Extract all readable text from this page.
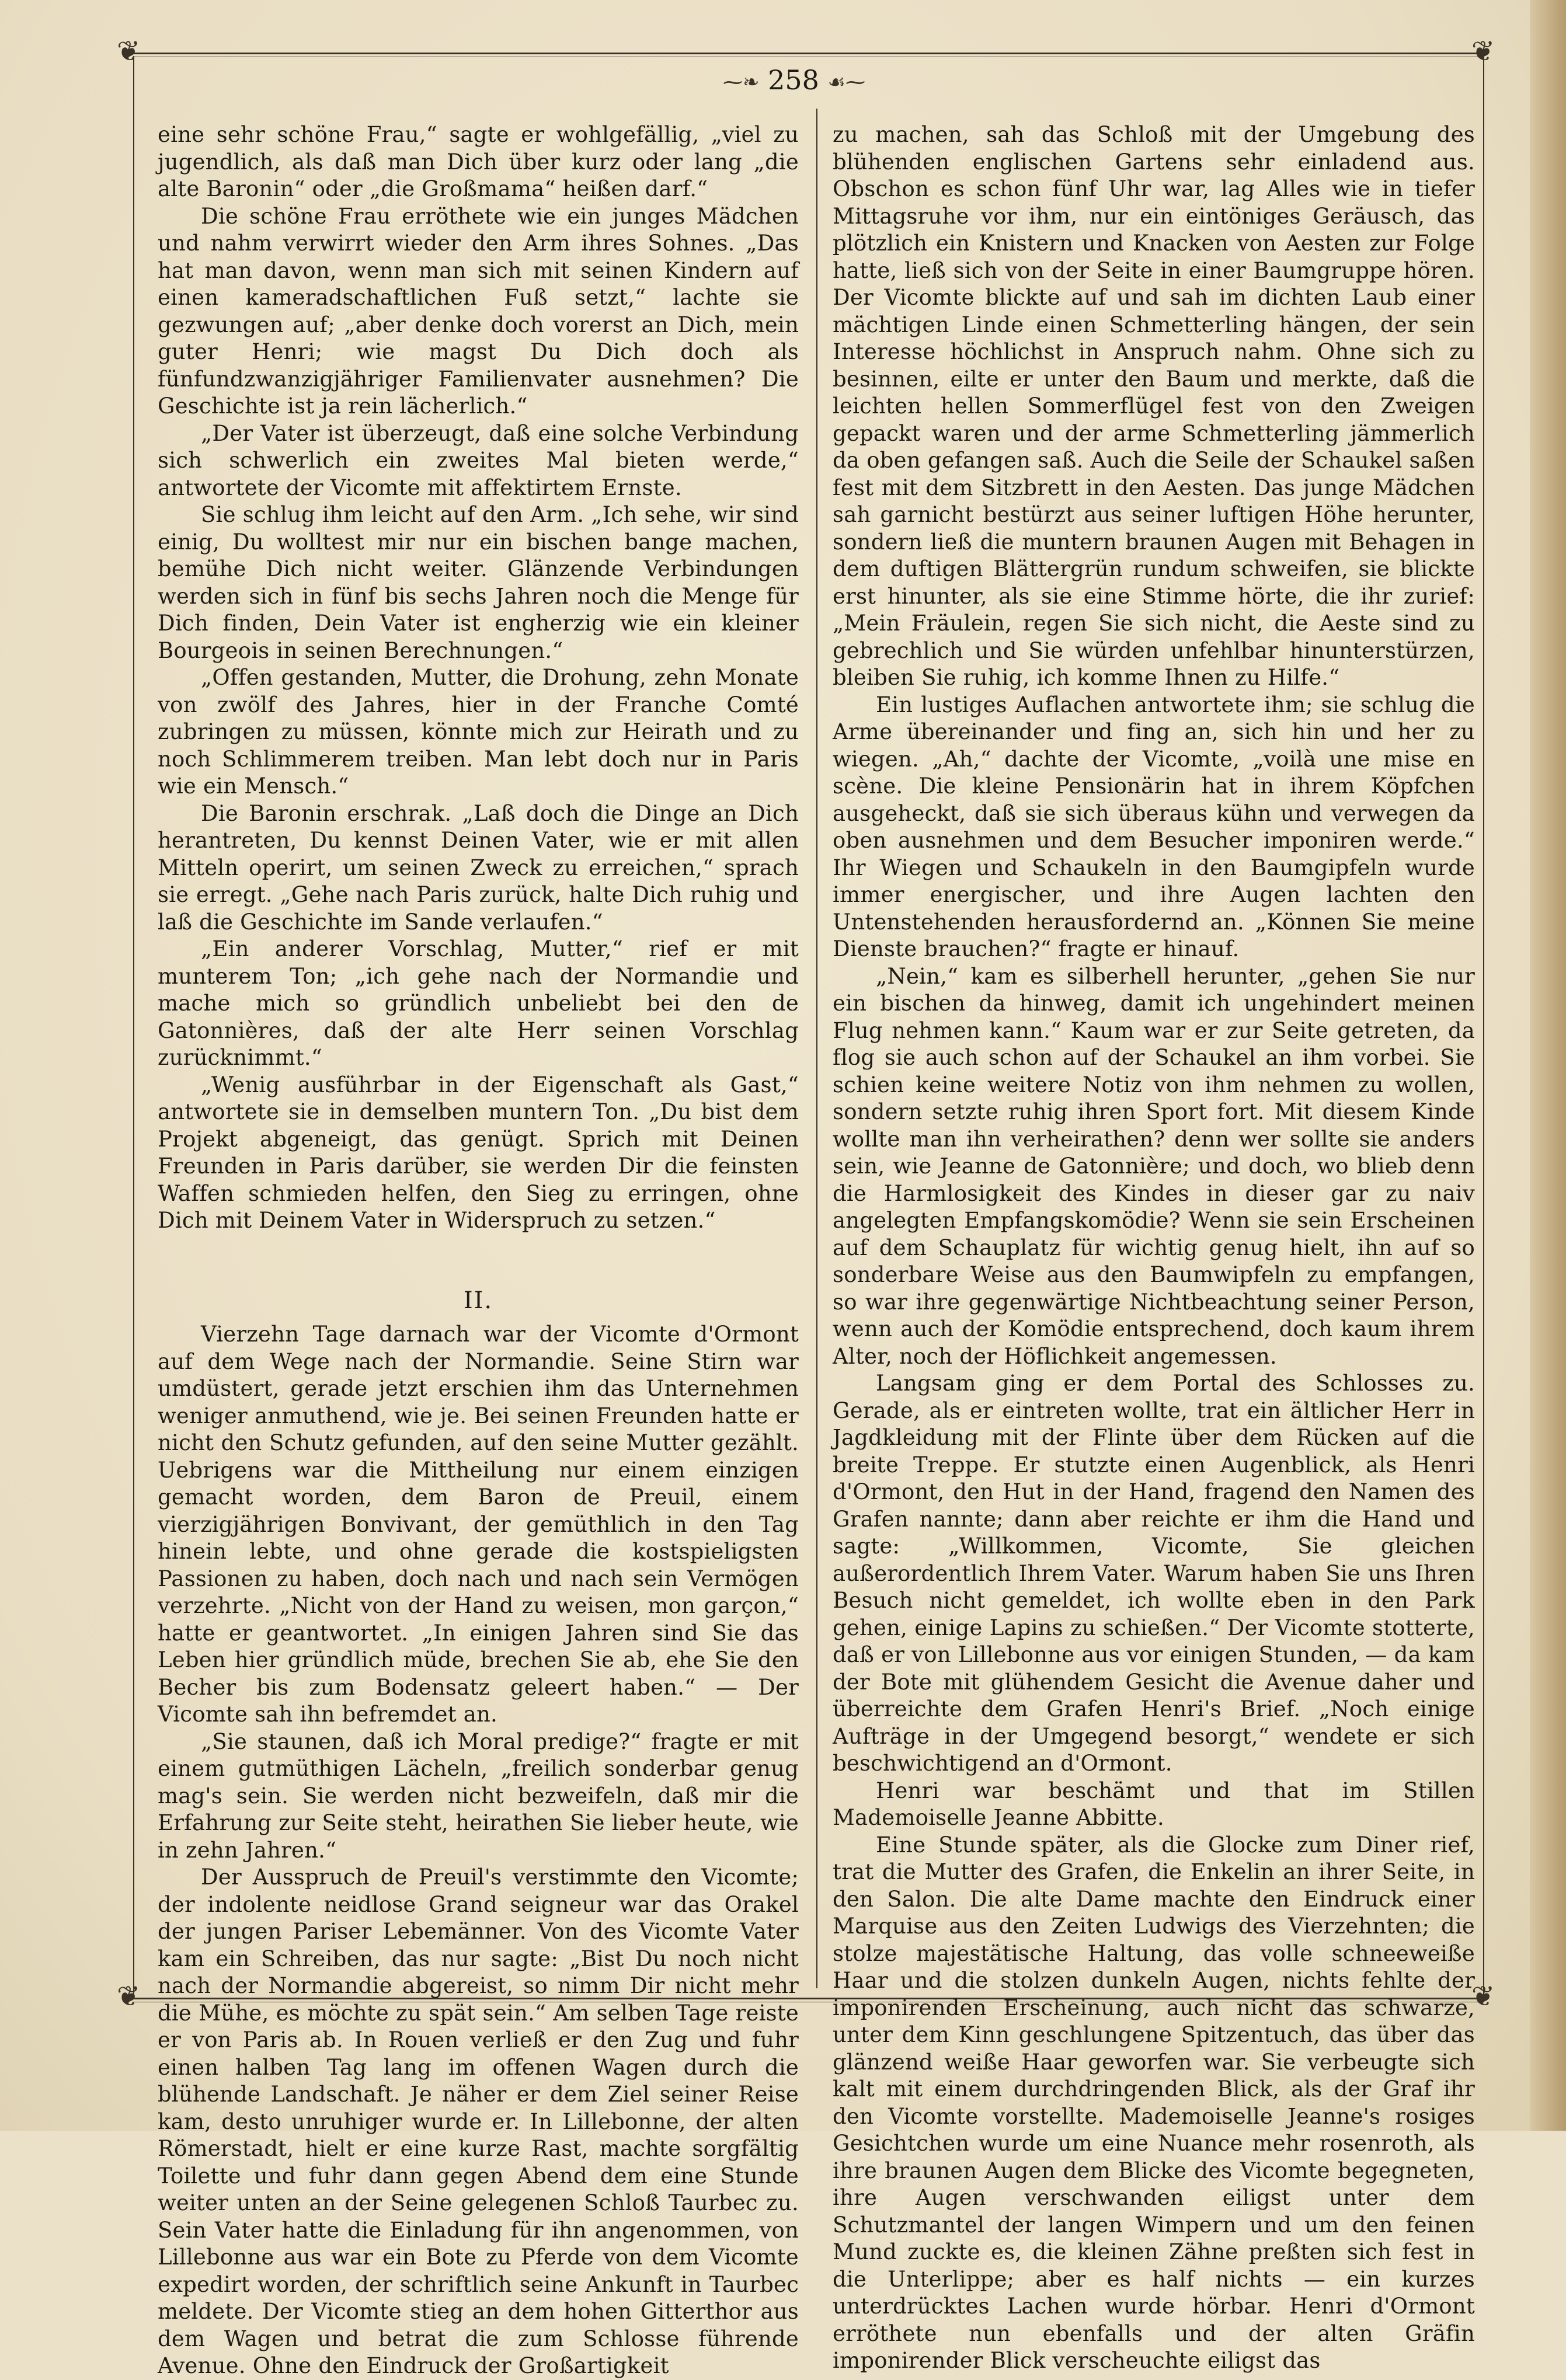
❦	❦
❦	❦
⁓❧ 258 ☙⁓

eine sehr schöne Frau,“ sagte er wohlgefällig, „viel zu jugendlich, als daß man Dich über kurz oder lang „die alte Baronin“ oder „die Großmama“ heißen darf.“

Die schöne Frau erröthete wie ein junges Mädchen und nahm verwirrt wieder den Arm ihres Sohnes. „Das hat man davon, wenn man sich mit seinen Kindern auf einen kameradschaftlichen Fuß setzt,“ lachte sie gezwungen auf; „aber denke doch vorerst an Dich, mein guter Henri; wie magst Du Dich doch als fünfundzwanzigjähriger Familienvater ausnehmen? Die Geschichte ist ja rein lächerlich.“

„Der Vater ist überzeugt, daß eine solche Verbindung sich schwerlich ein zweites Mal bieten werde,“ antwortete der Vicomte mit affektirtem Ernste.

Sie schlug ihm leicht auf den Arm. „Ich sehe, wir sind einig, Du wolltest mir nur ein bischen bange machen, bemühe Dich nicht weiter. Glänzende Verbindungen werden sich in fünf bis sechs Jahren noch die Menge für Dich finden, Dein Vater ist engherzig wie ein kleiner Bourgeois in seinen Berechnungen.“

„Offen gestanden, Mutter, die Drohung, zehn Monate von zwölf des Jahres, hier in der Franche Comté zubringen zu müssen, könnte mich zur Heirath und zu noch Schlimmerem treiben. Man lebt doch nur in Paris wie ein Mensch.“

Die Baronin erschrak. „Laß doch die Dinge an Dich herantreten, Du kennst Deinen Vater, wie er mit allen Mitteln operirt, um seinen Zweck zu erreichen,“ sprach sie erregt. „Gehe nach Paris zurück, halte Dich ruhig und laß die Geschichte im Sande verlaufen.“

„Ein anderer Vorschlag, Mutter,“ rief er mit munterem Ton; „ich gehe nach der Normandie und mache mich so gründlich unbeliebt bei den de Gatonnières, daß der alte Herr seinen Vorschlag zurücknimmt.“

„Wenig ausführbar in der Eigenschaft als Gast,“ antwortete sie in demselben muntern Ton. „Du bist dem Projekt abgeneigt, das genügt. Sprich mit Deinen Freunden in Paris darüber, sie werden Dir die feinsten Waffen schmieden helfen, den Sieg zu erringen, ohne Dich mit Deinem Vater in Widerspruch zu setzen.“

II.

Vierzehn Tage darnach war der Vicomte d'Ormont auf dem Wege nach der Normandie. Seine Stirn war umdüstert, gerade jetzt erschien ihm das Unternehmen weniger anmuthend, wie je. Bei seinen Freunden hatte er nicht den Schutz gefunden, auf den seine Mutter gezählt. Uebrigens war die Mittheilung nur einem einzigen gemacht worden, dem Baron de Preuil, einem vierzigjährigen Bonvivant, der gemüthlich in den Tag hinein lebte, und ohne gerade die kostspieligsten Passionen zu haben, doch nach und nach sein Vermögen verzehrte. „Nicht von der Hand zu weisen, mon garçon,“ hatte er geantwortet. „In einigen Jahren sind Sie das Leben hier gründlich müde, brechen Sie ab, ehe Sie den Becher bis zum Bodensatz geleert haben.“ — Der Vicomte sah ihn befremdet an.

„Sie staunen, daß ich Moral predige?“ fragte er mit einem gutmüthigen Lächeln, „freilich sonderbar genug mag's sein. Sie werden nicht bezweifeln, daß mir die Erfahrung zur Seite steht, heirathen Sie lieber heute, wie in zehn Jahren.“

Der Ausspruch de Preuil's verstimmte den Vicomte; der indolente neidlose Grand seigneur war das Orakel der jungen Pariser Lebemänner. Von des Vicomte Vater kam ein Schreiben, das nur sagte: „Bist Du noch nicht nach der Normandie abgereist, so nimm Dir nicht mehr die Mühe, es möchte zu spät sein.“ Am selben Tage reiste er von Paris ab. In Rouen verließ er den Zug und fuhr einen halben Tag lang im offenen Wagen durch die blühende Landschaft. Je näher er dem Ziel seiner Reise kam, desto unruhiger wurde er. In Lillebonne, der alten Römerstadt, hielt er eine kurze Rast, machte sorgfältig Toilette und fuhr dann gegen Abend dem eine Stunde weiter unten an der Seine gelegenen Schloß Taurbec zu. Sein Vater hatte die Einladung für ihn angenommen, von Lillebonne aus war ein Bote zu Pferde von dem Vicomte expedirt worden, der schriftlich seine Ankunft in Taurbec meldete. Der Vicomte stieg an dem hohen Gitterthor aus dem Wagen und betrat die zum Schlosse führende Avenue. Ohne den Eindruck der Großartigkeit

zu machen, sah das Schloß mit der Umgebung des blühenden englischen Gartens sehr einladend aus. Obschon es schon fünf Uhr war, lag Alles wie in tiefer Mittagsruhe vor ihm, nur ein eintöniges Geräusch, das plötzlich ein Knistern und Knacken von Aesten zur Folge hatte, ließ sich von der Seite in einer Baumgruppe hören. Der Vicomte blickte auf und sah im dichten Laub einer mächtigen Linde einen Schmetterling hängen, der sein Interesse höchlichst in Anspruch nahm. Ohne sich zu besinnen, eilte er unter den Baum und merkte, daß die leichten hellen Sommerflügel fest von den Zweigen gepackt waren und der arme Schmetterling jämmerlich da oben gefangen saß. Auch die Seile der Schaukel saßen fest mit dem Sitzbrett in den Aesten. Das junge Mädchen sah garnicht bestürzt aus seiner luftigen Höhe herunter, sondern ließ die muntern braunen Augen mit Behagen in dem duftigen Blättergrün rundum schweifen, sie blickte erst hinunter, als sie eine Stimme hörte, die ihr zurief: „Mein Fräulein, regen Sie sich nicht, die Aeste sind zu gebrechlich und Sie würden unfehlbar hinunterstürzen, bleiben Sie ruhig, ich komme Ihnen zu Hilfe.“

Ein lustiges Auflachen antwortete ihm; sie schlug die Arme übereinander und fing an, sich hin und her zu wiegen. „Ah,“ dachte der Vicomte, „voilà une mise en scène. Die kleine Pensionärin hat in ihrem Köpfchen ausgeheckt, daß sie sich überaus kühn und verwegen da oben ausnehmen und dem Besucher imponiren werde.“ Ihr Wiegen und Schaukeln in den Baumgipfeln wurde immer energischer, und ihre Augen lachten den Untenstehenden herausfordernd an. „Können Sie meine Dienste brauchen?“ fragte er hinauf.

„Nein,“ kam es silberhell herunter, „gehen Sie nur ein bischen da hinweg, damit ich ungehindert meinen Flug nehmen kann.“ Kaum war er zur Seite getreten, da flog sie auch schon auf der Schaukel an ihm vorbei. Sie schien keine weitere Notiz von ihm nehmen zu wollen, sondern setzte ruhig ihren Sport fort. Mit diesem Kinde wollte man ihn verheirathen? denn wer sollte sie anders sein, wie Jeanne de Gatonnière; und doch, wo blieb denn die Harmlosigkeit des Kindes in dieser gar zu naiv angelegten Empfangskomödie? Wenn sie sein Erscheinen auf dem Schauplatz für wichtig genug hielt, ihn auf so sonderbare Weise aus den Baumwipfeln zu empfangen, so war ihre gegenwärtige Nichtbeachtung seiner Person, wenn auch der Komödie entsprechend, doch kaum ihrem Alter, noch der Höflichkeit angemessen.

Langsam ging er dem Portal des Schlosses zu. Gerade, als er eintreten wollte, trat ein ältlicher Herr in Jagdkleidung mit der Flinte über dem Rücken auf die breite Treppe. Er stutzte einen Augenblick, als Henri d'Ormont, den Hut in der Hand, fragend den Namen des Grafen nannte; dann aber reichte er ihm die Hand und sagte: „Willkommen, Vicomte, Sie gleichen außerordentlich Ihrem Vater. Warum haben Sie uns Ihren Besuch nicht gemeldet, ich wollte eben in den Park gehen, einige Lapins zu schießen.“ Der Vicomte stotterte, daß er von Lillebonne aus vor einigen Stunden, — da kam der Bote mit glühendem Gesicht die Avenue daher und überreichte dem Grafen Henri's Brief. „Noch einige Aufträge in der Umgegend besorgt,“ wendete er sich beschwichtigend an d'Ormont.

Henri war beschämt und that im Stillen Mademoiselle Jeanne Abbitte.

Eine Stunde später, als die Glocke zum Diner rief, trat die Mutter des Grafen, die Enkelin an ihrer Seite, in den Salon. Die alte Dame machte den Eindruck einer Marquise aus den Zeiten Ludwigs des Vierzehnten; die stolze majestätische Haltung, das volle schneeweiße Haar und die stolzen dunkeln Augen, nichts fehlte der imponirenden Erscheinung, auch nicht das schwarze, unter dem Kinn geschlungene Spitzentuch, das über das glänzend weiße Haar geworfen war. Sie verbeugte sich kalt mit einem durchdringenden Blick, als der Graf ihr den Vicomte vorstellte. Mademoiselle Jeanne's rosiges Gesichtchen wurde um eine Nuance mehr rosenroth, als ihre braunen Augen dem Blicke des Vicomte begegneten, ihre Augen verschwanden eiligst unter dem Schutzmantel der langen Wimpern und um den feinen Mund zuckte es, die kleinen Zähne preßten sich fest in die Unterlippe; aber es half nichts — ein kurzes unterdrücktes Lachen wurde hörbar. Henri d'Ormont erröthete nun ebenfalls und der alten Gräfin imponirender Blick verscheuchte eiligst das
